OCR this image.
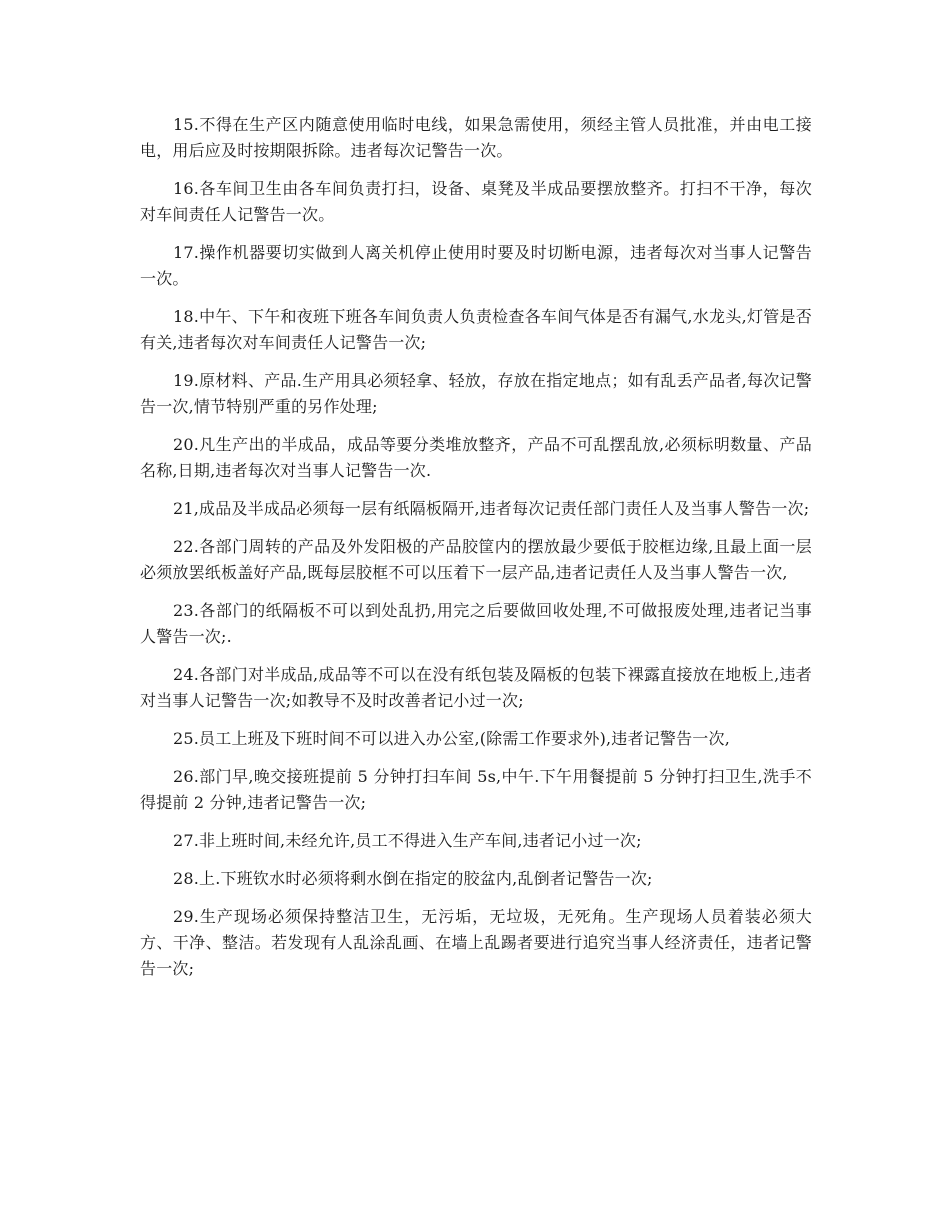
15.不得在生产区内随意使用临时电线，如果急需使用，须经主管人员批准，并由电工接电，用后应及时按期限拆除。违者每次记警告一次。

16.各车间卫生由各车间负责打扫，设备、桌凳及半成品要摆放整齐。打扫不干净，每次对车间责任人记警告一次。

17.操作机器要切实做到人离关机停止使用时要及时切断电源，违者每次对当事人记警告一次。

18.中午、下午和夜班下班各车间负责人负责检查各车间气体是否有漏气,水龙头,灯管是否有关,违者每次对车间责任人记警告一次;

19.原材料、产品.生产用具必须轻拿、轻放，存放在指定地点；如有乱丢产品者,每次记警告一次,情节特别严重的另作处理;

20.凡生产出的半成品，成品等要分类堆放整齐，产品不可乱摆乱放,必须标明数量、产品名称,日期,违者每次对当事人记警告一次.

21,成品及半成品必须每一层有纸隔板隔开,违者每次记责任部门责任人及当事人警告一次;

22.各部门周转的产品及外发阳极的产品胶筐内的摆放最少要低于胶框边缘,且最上面一层必须放罢纸板盖好产品,既每层胶框不可以压着下一层产品,违者记责任人及当事人警告一次,

23.各部门的纸隔板不可以到处乱扔,用完之后要做回收处理,不可做报废处理,违者记当事人警告一次;.

24.各部门对半成品,成品等不可以在没有纸包装及隔板的包装下裸露直接放在地板上,违者对当事人记警告一次;如教导不及时改善者记小过一次;

25.员工上班及下班时间不可以进入办公室,(除需工作要求外),违者记警告一次,

26.部门早,晚交接班提前 5 分钟打扫车间 5s,中午.下午用餐提前 5 分钟打扫卫生,洗手不得提前 2 分钟,违者记警告一次;

27.非上班时间,未经允许,员工不得进入生产车间,违者记小过一次;

28.上.下班钦水时必须将剩水倒在指定的胶盆内,乱倒者记警告一次;

29.生产现场必须保持整洁卫生，无污垢，无垃圾，无死角。生产现场人员着装必须大方、干净、整洁。若发现有人乱涂乱画、在墙上乱踢者要进行追究当事人经济责任，违者记警告一次;
